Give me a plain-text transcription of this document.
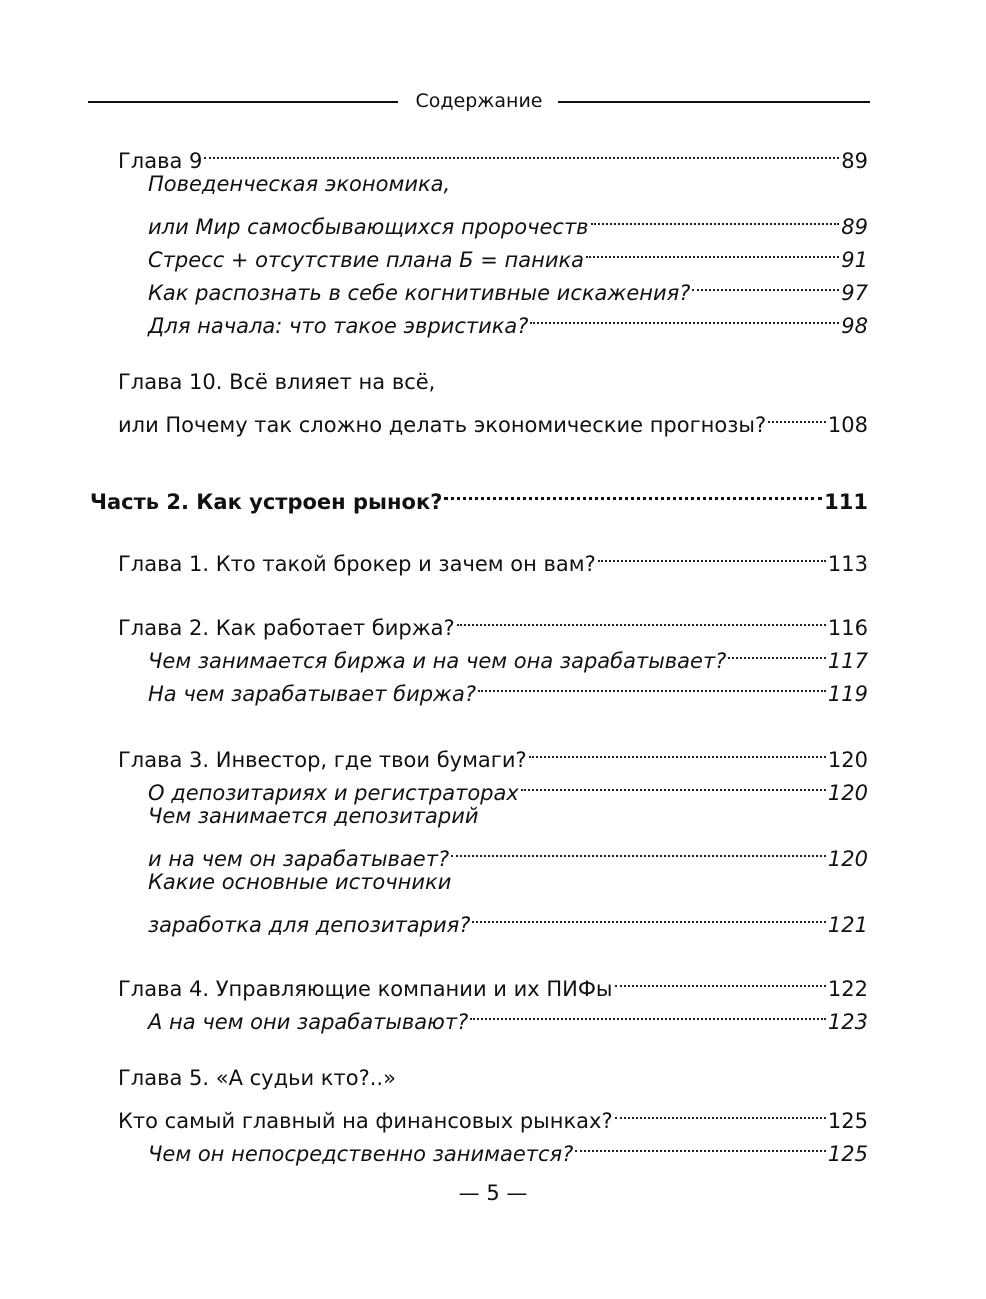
Содержание
Глава 9	89
Поведенческая экономика,
или Мир самосбывающихся пророчеств	89
Стресс + отсутствие плана Б = паника	91
Как распознать в себе когнитивные искажения?	97
Для начала: что такое эвристика?	98
Глава 10. Всё влияет на всё,
или Почему так сложно делать экономические прогнозы?	108
Часть 2. Как устроен рынок?	111
Глава 1. Кто такой брокер и зачем он вам?	113
Глава 2. Как работает биржа?	116
Чем занимается биржа и на чем она зарабатывает?	117
На чем зарабатывает биржа?	119
Глава 3. Инвестор, где твои бумаги?	120
О депозитариях и регистраторах	120
Чем занимается депозитарий
и на чем он зарабатывает?	120
Какие основные источники
заработка для депозитария?	121
Глава 4. Управляющие компании и их ПИФы	122
А на чем они зарабатывают?	123
Глава 5. «А судьи кто?..»
Кто самый главный на финансовых рынках?	125
Чем он непосредственно занимается?	125
— 5 —
